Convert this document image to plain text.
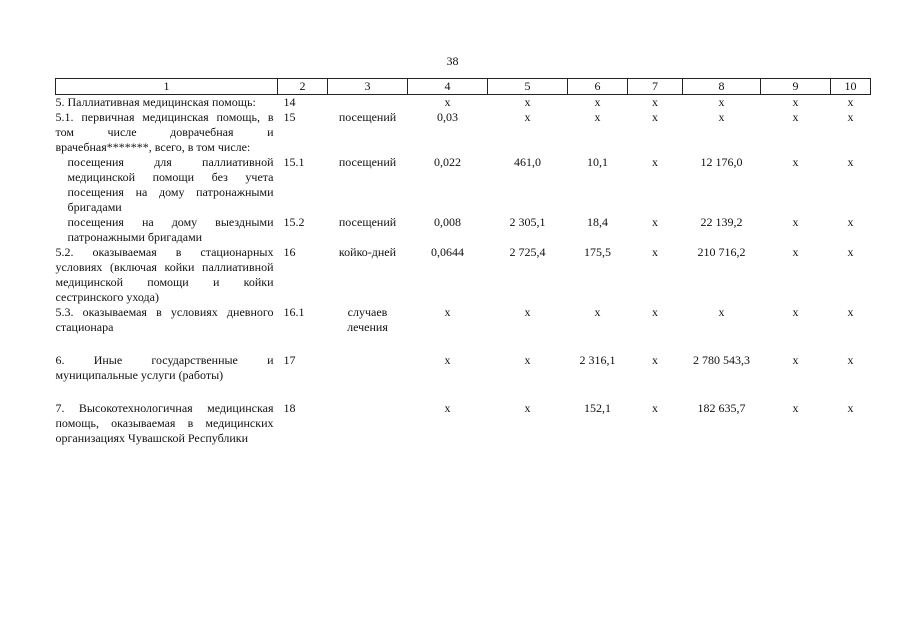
38
1	2	3	4	5	6	7	8	9	10
5. Паллиативная медицинская помощь:	14		х	х	х	х	х	х	х
5.1. первичная медицинская помощь, в том числе доврачебная и врачебная*******, всего, в том числе:	15	посещений	0,03	х	х	х	х	х	х
посещения для паллиативной медицинской помощи без учета посещения на дому патронажными бригадами	15.1	посещений	0,022	461,0	10,1	х	12 176,0	х	х
посещения на дому выездными патронажными бригадами	15.2	посещений	0,008	2 305,1	18,4	х	22 139,2	х	х
5.2. оказываемая в стационарных условиях (включая койки паллиативной медицинской помощи и койки сестринского ухода)	16	койко-дней	0,0644	2 725,4	175,5	х	210 716,2	х	х
5.3. оказываемая в условиях дневного стационара	16.1	случаев лечения	х	х	х	х	х	х	х
6. Иные государственные и муниципальные услуги (работы)	17		х	х	2 316,1	х	2 780 543,3	х	х
7. Высокотехнологичная медицинская помощь, оказываемая в медицинских организациях Чувашской Республики	18		х	х	152,1	х	182 635,7	х	х
